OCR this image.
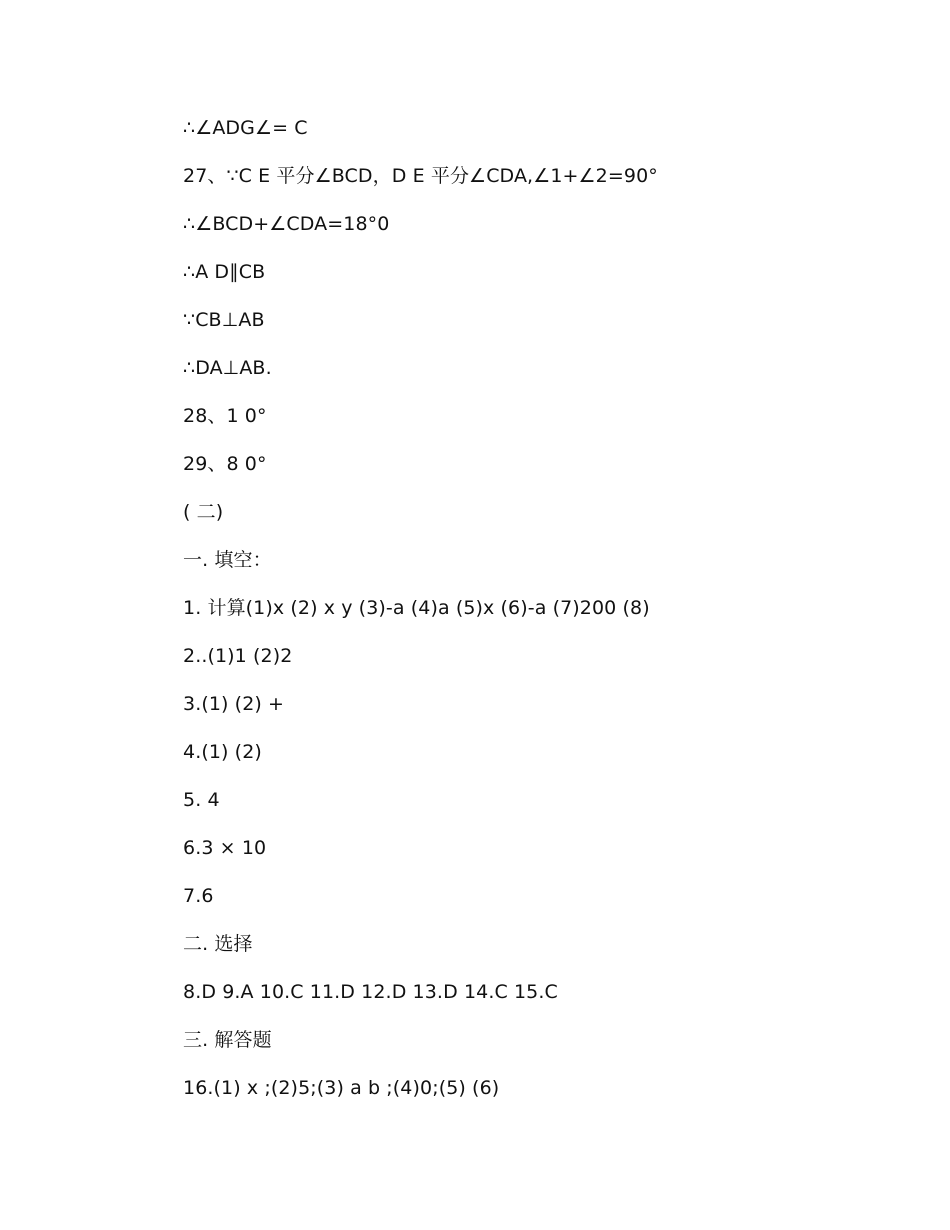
∴∠ADG∠= C
27、∵C E 平分∠BCD，D E 平分∠CDA,∠1+∠2=90°
∴∠BCD+∠CDA=18°0
∴A D∥CB
∵CB⊥AB
∴DA⊥AB.
28、1 0°
29、8 0°
( 二)
一. 填空：
1. 计算(1)x (2) x y (3)-a (4)a (5)x (6)-a (7)200 (8)
2..(1)1 (2)2
3.(1) (2) +
4.(1) (2)
5. 4
6.3 × 10
7.6
二. 选择
8.D 9.A 10.C 11.D 12.D 13.D 14.C 15.C
三. 解答题
16.(1) x ;(2)5;(3) a b ;(4)0;(5) (6)
